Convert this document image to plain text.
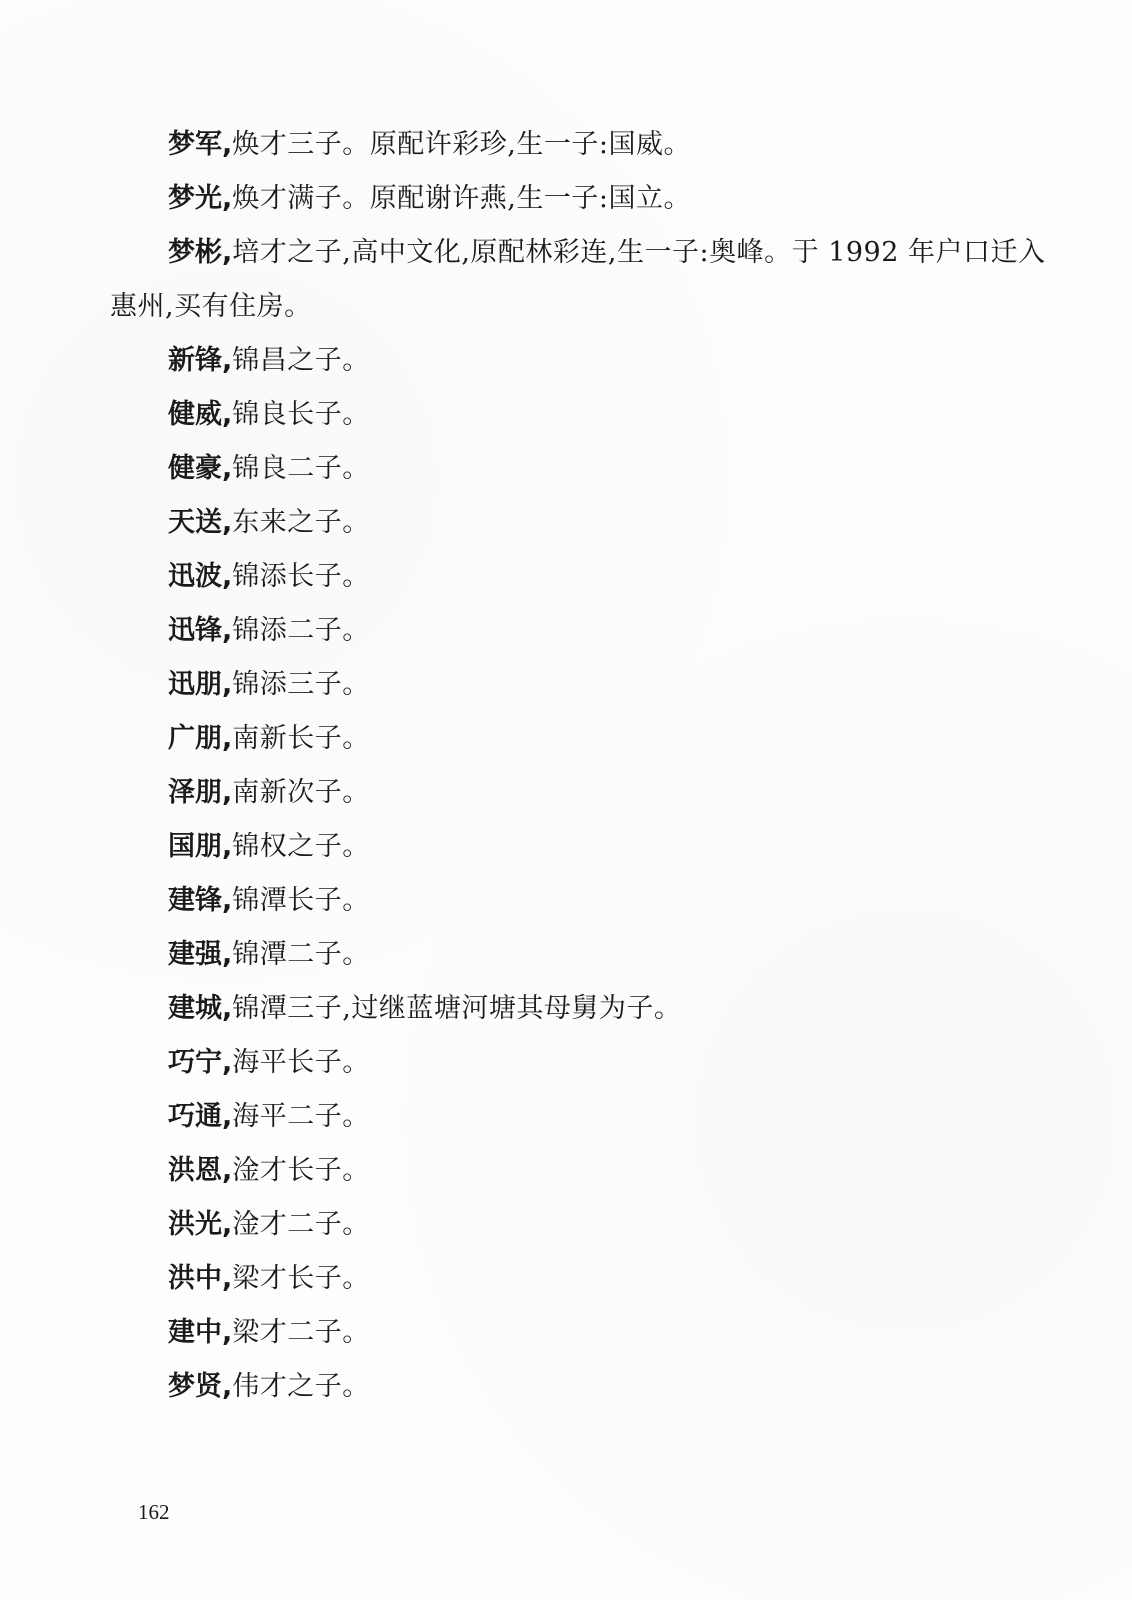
梦军,焕才三子。原配许彩珍,生一子:国威。

梦光,焕才满子。原配谢许燕,生一子:国立。

梦彬,培才之子,高中文化,原配林彩连,生一子:奥峰。于 1992 年户口迁入惠州,买有住房。

新锋,锦昌之子。

健威,锦良长子。

健豪,锦良二子。

天送,东来之子。

迅波,锦添长子。

迅锋,锦添二子。

迅朋,锦添三子。

广朋,南新长子。

泽朋,南新次子。

国朋,锦权之子。

建锋,锦潭长子。

建强,锦潭二子。

建城,锦潭三子,过继蓝塘河塘其母舅为子。

巧宁,海平长子。

巧通,海平二子。

洪恩,淦才长子。

洪光,淦才二子。

洪中,梁才长子。

建中,梁才二子。

梦贤,伟才之子。

162
